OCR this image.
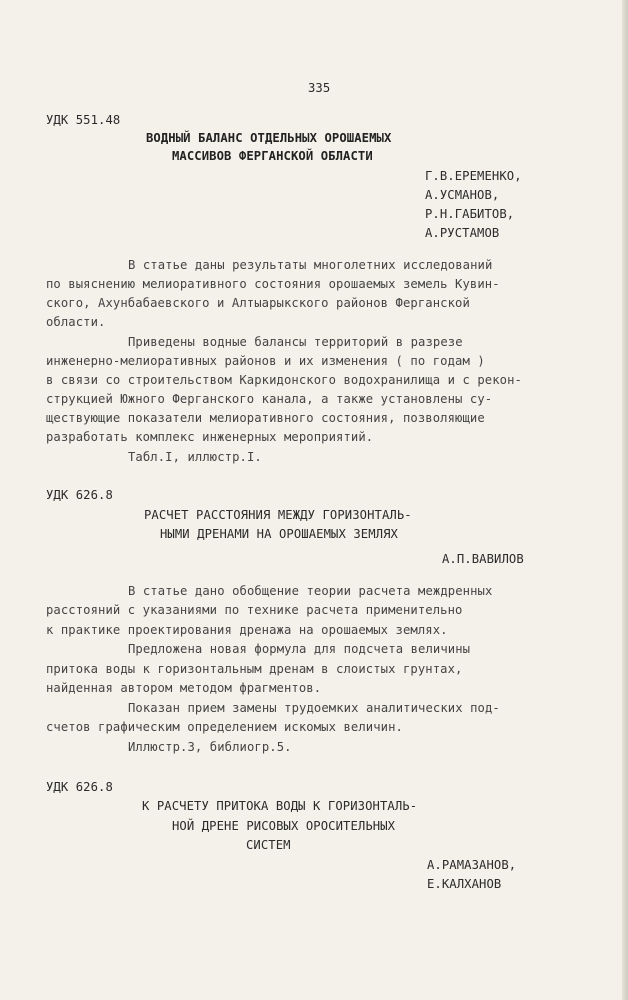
335
УДК 551.48
ВОДНЫЙ БАЛАНС ОТДЕЛЬНЫХ ОРОШАЕМЫХ
МАССИВОВ ФЕРГАНСКОЙ ОБЛАСТИ
Г.В.ЕРЕМЕНКО,
А.УСМАНОВ,
Р.Н.ГАБИТОВ,
А.РУСТАМОВ
В статье даны результаты многолетних исследований
по выяснению мелиоративного состояния орошаемых земель Кувин-
ского, Ахунбабаевского и Алтыарыкского районов Ферганской
области.
Приведены водные балансы территорий в разрезе
инженерно-мелиоративных районов и их изменения ( по годам )
в связи со строительством Каркидонского водохранилища и с рекон-
струкцией Южного Ферганского канала, а также установлены су-
ществующие показатели мелиоративного состояния, позволяющие
разработать комплекс инженерных мероприятий.
Табл.I, иллюстр.I.
УДК 626.8
РАСЧЕТ РАССТОЯНИЯ МЕЖДУ ГОРИЗОНТАЛЬ-
НЫМИ ДРЕНАМИ НА ОРОШАЕМЫХ ЗЕМЛЯХ
А.П.ВАВИЛОВ
В статье дано обобщение теории расчета междренных
расстояний с указаниями по технике расчета применительно
к практике проектирования дренажа на орошаемых землях.
Предложена новая формула для подсчета величины
притока воды к горизонтальным дренам в слоистых грунтах,
найденная автором методом фрагментов.
Показан прием замены трудоемких аналитических под-
счетов графическим определением искомых величин.
Иллюстр.3, библиогр.5.
УДК 626.8
К РАСЧЕТУ ПРИТОКА ВОДЫ К ГОРИЗОНТАЛЬ-
НОЙ ДРЕНЕ РИСОВЫХ ОРОСИТЕЛЬНЫХ
СИСТЕМ
А.РАМАЗАНОВ,
Е.КАЛХАНОВ
